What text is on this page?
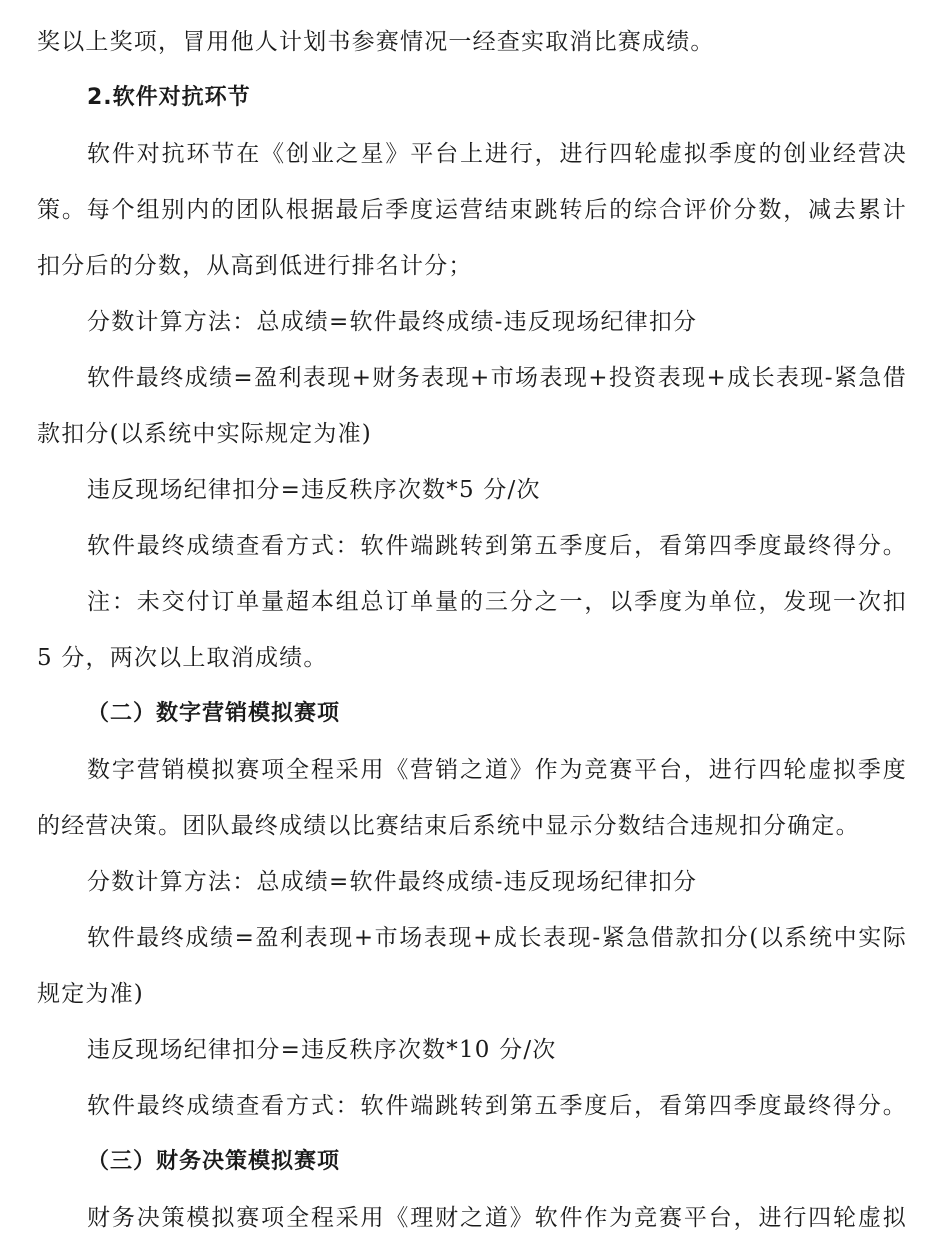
奖以上奖项，冒用他人计划书参赛情况一经查实取消比赛成绩。
2.软件对抗环节
软件对抗环节在《创业之星》平台上进行，进行四轮虚拟季度的创业经营决
策。每个组别内的团队根据最后季度运营结束跳转后的综合评价分数，减去累计
扣分后的分数，从高到低进行排名计分；
分数计算方法：总成绩=软件最终成绩-违反现场纪律扣分
软件最终成绩=盈利表现+财务表现+市场表现+投资表现+成长表现-紧急借
款扣分(以系统中实际规定为准)
违反现场纪律扣分=违反秩序次数*5 分/次
软件最终成绩查看方式：软件端跳转到第五季度后，看第四季度最终得分。
注：未交付订单量超本组总订单量的三分之一，以季度为单位，发现一次扣
5 分，两次以上取消成绩。
（二）数字营销模拟赛项
数字营销模拟赛项全程采用《营销之道》作为竞赛平台，进行四轮虚拟季度
的经营决策。团队最终成绩以比赛结束后系统中显示分数结合违规扣分确定。
分数计算方法：总成绩=软件最终成绩-违反现场纪律扣分
软件最终成绩=盈利表现+市场表现+成长表现-紧急借款扣分(以系统中实际
规定为准)
违反现场纪律扣分=违反秩序次数*10 分/次
软件最终成绩查看方式：软件端跳转到第五季度后，看第四季度最终得分。
（三）财务决策模拟赛项
财务决策模拟赛项全程采用《理财之道》软件作为竞赛平台，进行四轮虚拟
